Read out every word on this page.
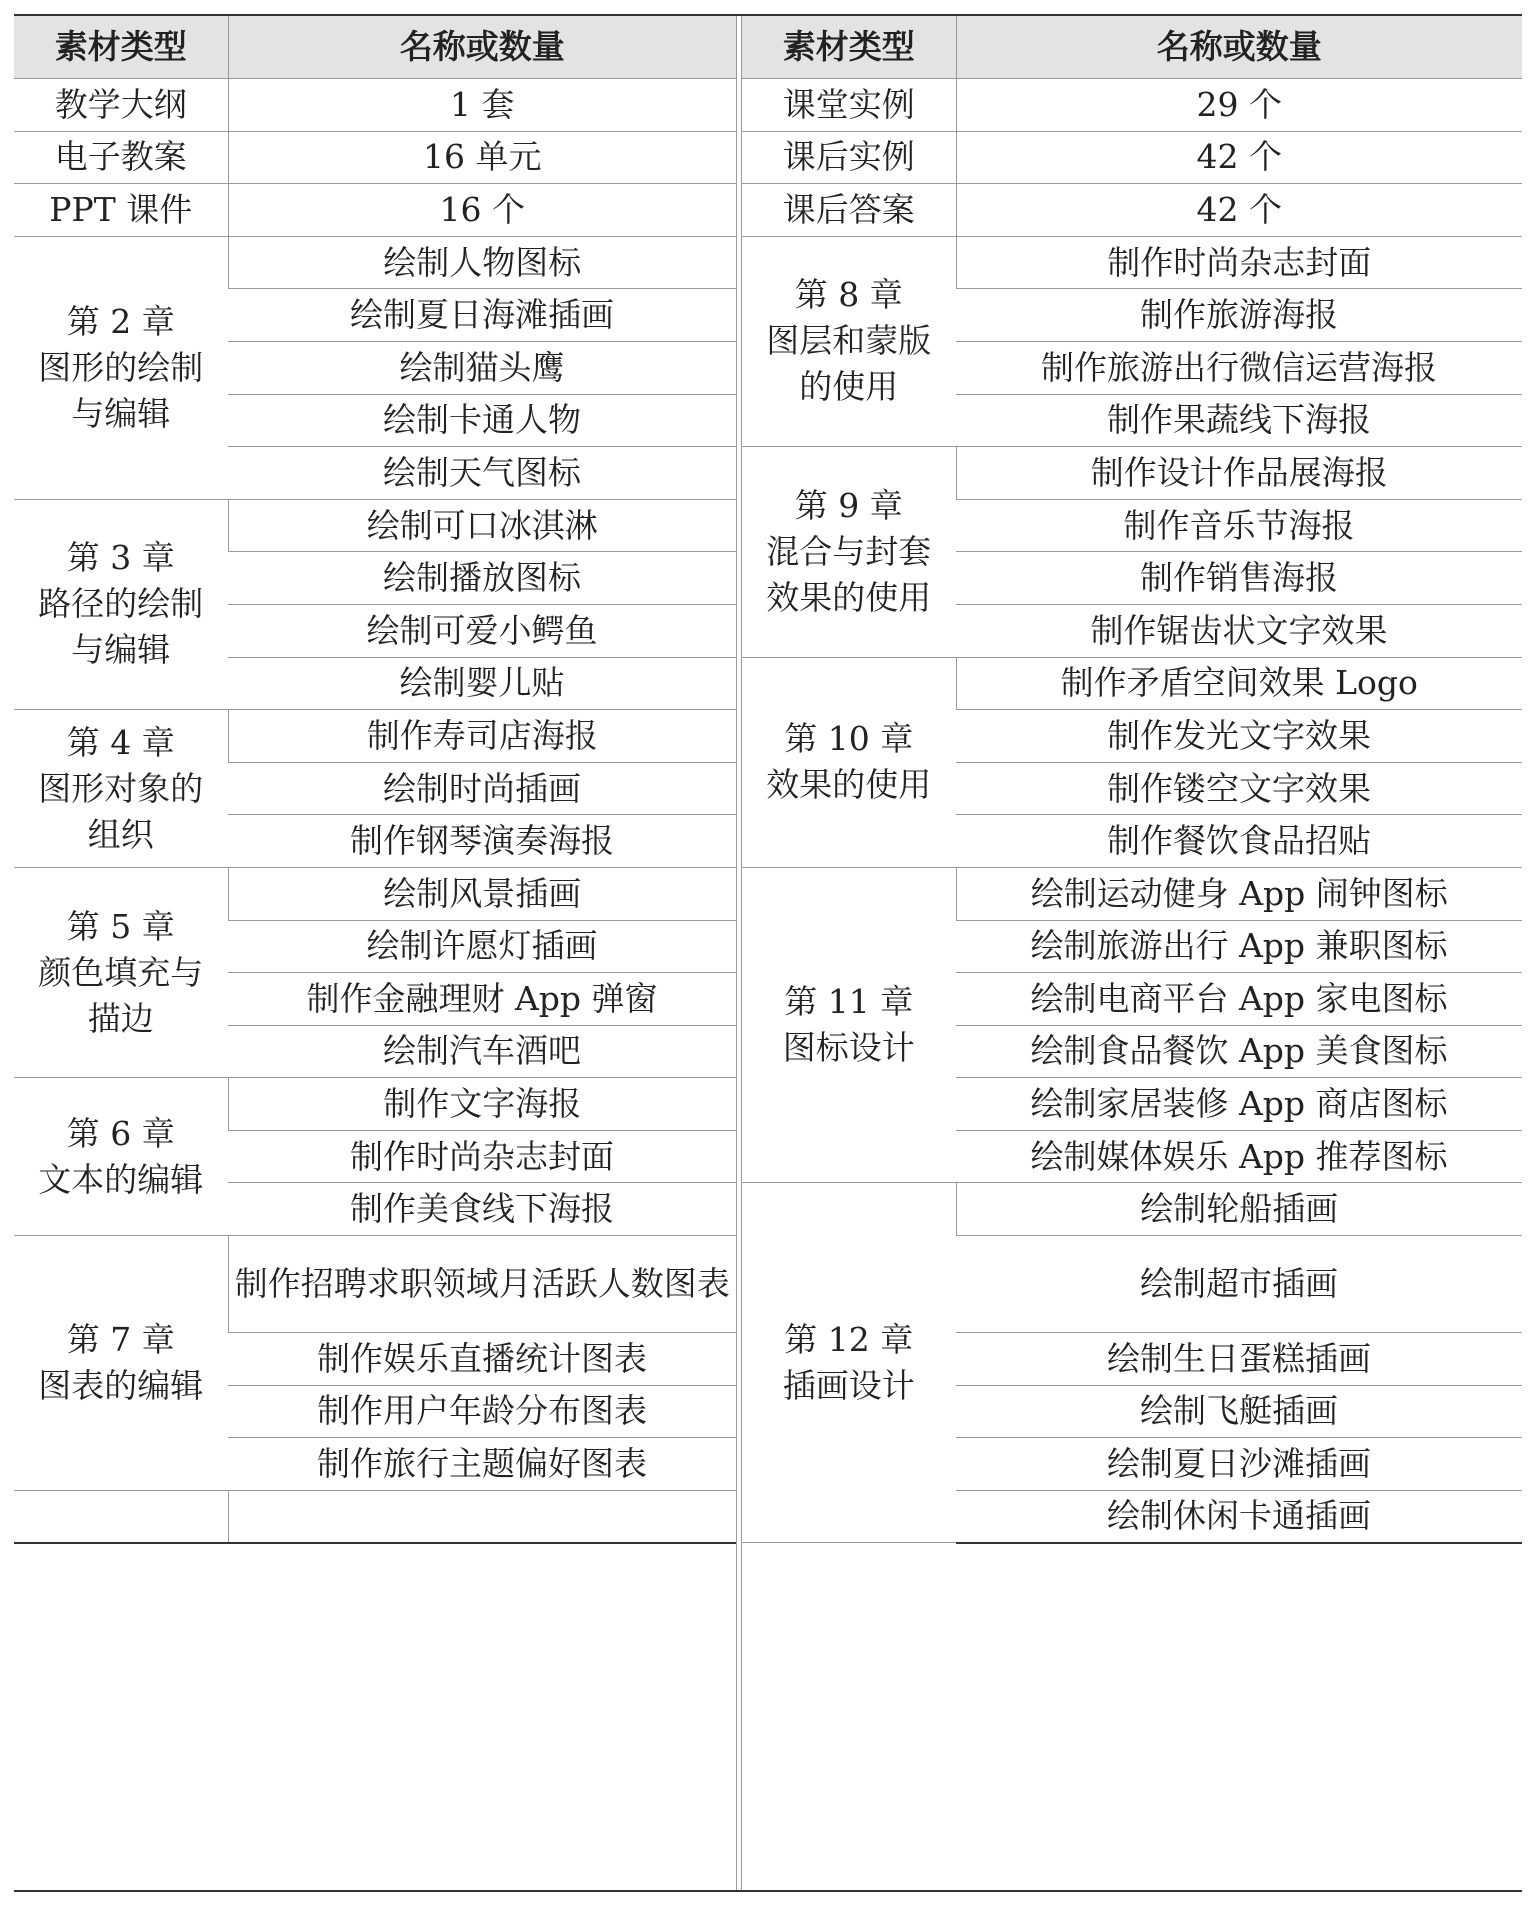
素材类型	名称或数量
教学大纲	1 套
电子教案	16 单元
PPT 课件	16 个

第 2 章
图形的绘制
与编辑	绘制人物图标
	绘制夏日海滩插画
	绘制猫头鹰
	绘制卡通人物
	绘制天气图标

第 3 章
路径的绘制
与编辑	绘制可口冰淇淋
	绘制播放图标
	绘制可爱小鳄鱼
	绘制婴儿贴

第 4 章
图形对象的
组织	制作寿司店海报
	绘制时尚插画
	制作钢琴演奏海报

第 5 章
颜色填充与
描边	绘制风景插画
	绘制许愿灯插画
	制作金融理财 App 弹窗
	绘制汽车酒吧

第 6 章
文本的编辑	制作文字海报
	制作时尚杂志封面
	制作美食线下海报

第 7 章
图表的编辑	制作招聘求职领域月活跃人数图表
	制作娱乐直播统计图表
	制作用户年龄分布图表
	制作旅行主题偏好图表

素材类型	名称或数量
课堂实例	29 个
课后实例	42 个
课后答案	42 个

第 8 章
图层和蒙版
的使用	制作时尚杂志封面
	制作旅游海报
	制作旅游出行微信运营海报
	制作果蔬线下海报

第 9 章
混合与封套
效果的使用	制作设计作品展海报
	制作音乐节海报
	制作销售海报
	制作锯齿状文字效果

第 10 章
效果的使用	制作矛盾空间效果 Logo
	制作发光文字效果
	制作镂空文字效果
	制作餐饮食品招贴

第 11 章
图标设计	绘制运动健身 App 闹钟图标
	绘制旅游出行 App 兼职图标
	绘制电商平台 App 家电图标
	绘制食品餐饮 App 美食图标
	绘制家居装修 App 商店图标
	绘制媒体娱乐 App 推荐图标

第 12 章
插画设计	绘制轮船插画
	绘制超市插画
	绘制生日蛋糕插画
	绘制飞艇插画
	绘制夏日沙滩插画
	绘制休闲卡通插画
